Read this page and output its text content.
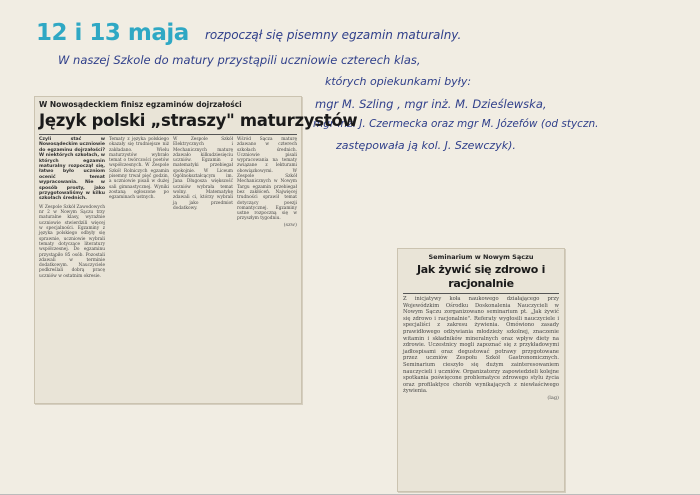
12 i 13 maja rozpoczął się pisemny egzamin maturalny.
W naszej Szkole do matury przystąpili uczniowie czterech klas,
których opiekunkami były:
mgr M. Szling , mgr inż. M. Dzieślewska,
mgr inż. J. Czermecka oraz mgr M. Józefów (od styczn.
zastępowała ją kol. J. Szewczyk).
W Nowosądeckiem finisz egzaminów dojrzałości
Język polski „straszy" maturzystów
Czyli stać w Nowosądeckim uczniowie do egzaminu dojrzałości? W niektórych szkołach, w których egzamin maturalny rozpoczął się, łatwo było uczniom ocenić temat wypracowania. Nie w sposób prosty, jako przygotowaliśmy w kilku szkołach średnich.
W Zespole Szkół Zawodowych nr 2 w Nowym Sączu trzy maturalne klasy, wyraźnie uczniowie stwierdzili więcej w specjalności. Egzaminy z języka polskiego odbyły się sprawnie, uczniowie wybrali tematy dotyczące literatury współczesnej. Do egzaminu przystąpiło 85 osób. Pozostali zdawali w terminie dodatkowym. Nauczyciele podkreślali dobrą pracę uczniów w ostatnim okresie.
Tematy z języka polskiego okazały się trudniejsze niż zakładano. Wielu maturzystów wybrało temat o twórczości poetów współczesnych. W Zespole Szkół Rolniczych egzamin pisemny trwał pięć godzin, a uczniowie pisali w dużej sali gimnastycznej. Wyniki zostaną ogłoszone po egzaminach ustnych.
W Zespole Szkół Elektrycznych i Mechanicznych maturę zdawało kilkudziesięciu uczniów. Egzamin z matematyki przebiegał spokojnie. W Liceum Ogólnokształcącym im. Jana Długosza większość uczniów wybrała temat wolny. Matematykę zdawali ci, którzy wybrali ją jako przedmiot dodatkowy.
Wśród Sącza maturę zdawano w czterech szkołach średnich. Uczniowie pisali wypracowania na tematy związane z lekturami obowiązkowymi. W Zespole Szkół Mechanicznych w Nowym Targu egzamin przebiegał bez zakłóceń. Najwięcej trudności sprawił temat dotyczący poezji romantycznej. Egzaminy ustne rozpoczną się w przyszłym tygodniu.
(szw)
Seminarium w Nowym Sączu
Jak żywić się zdrowo i racjonalnie
Z inicjatywy koła naukowego działającego przy Wojewódzkim Ośrodku Doskonalenia Nauczycieli w Nowym Sączu zorganizowano seminarium pt. „Jak żywić się zdrowo i racjonalnie". Referaty wygłosili nauczyciele i specjaliści z zakresu żywienia. Omówiono zasady prawidłowego odżywiania młodzieży szkolnej, znaczenie witamin i składników mineralnych oraz wpływ diety na zdrowie. Uczestnicy mogli zapoznać się z przykładowymi jadłospisami oraz degustować potrawy przygotowane przez uczniów Zespołu Szkół Gastronomicznych. Seminarium cieszyło się dużym zainteresowaniem nauczycieli i uczniów. Organizatorzy zapowiedzieli kolejne spotkania poświęcone problematyce zdrowego stylu życia oraz profilaktyce chorób wynikających z niewłaściwego żywienia.
(lag)
